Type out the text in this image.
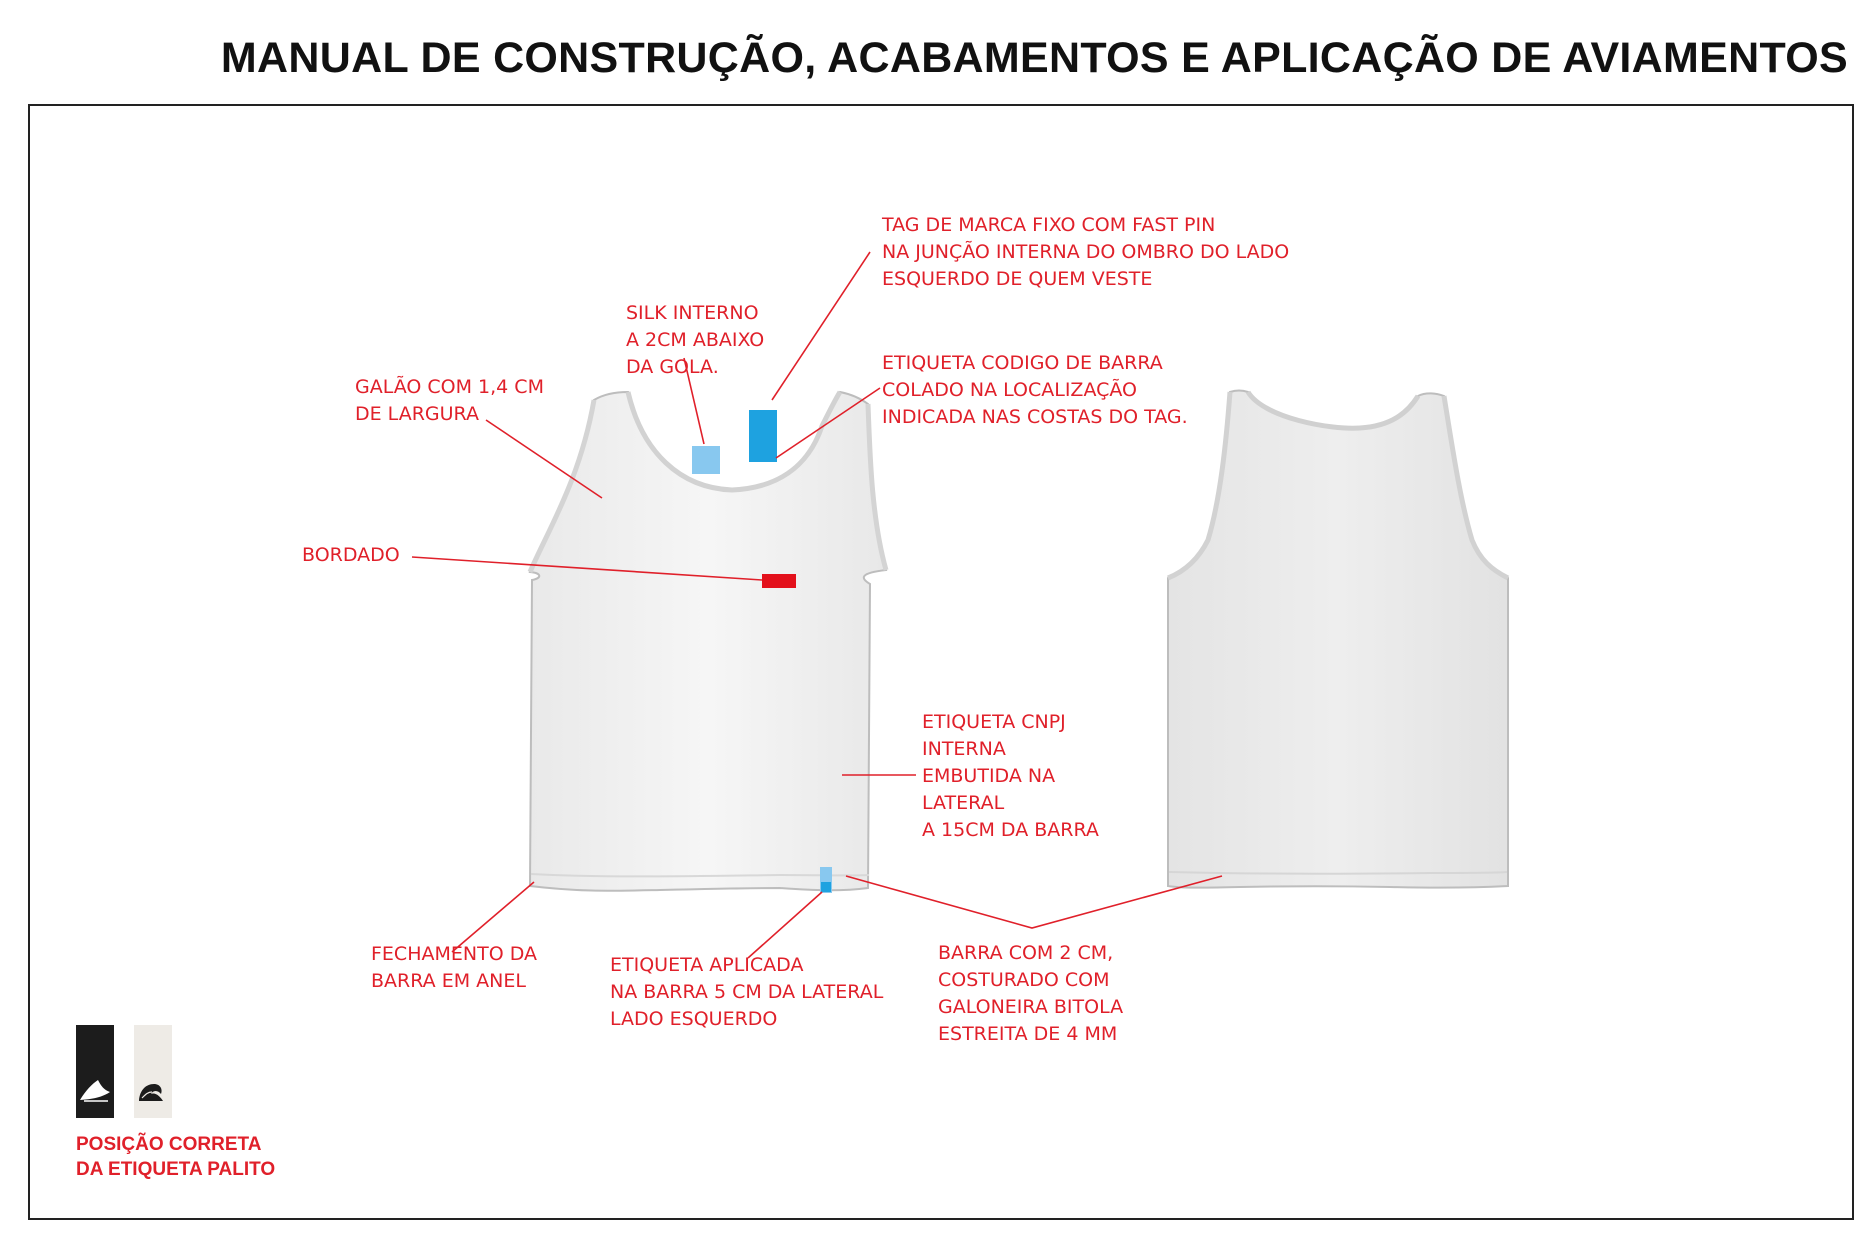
MANUAL DE CONSTRUÇÃO, ACABAMENTOS E APLICAÇÃO DE AVIAMENTOS

TAG DE MARCA FIXO COM FAST PIN
NA JUNÇÃO INTERNA DO OMBRO DO LADO
ESQUERDO DE QUEM VESTE

SILK INTERNO
A 2CM ABAIXO
DA GOLA.

GALÃO COM 1,4 CM
DE LARGURA

ETIQUETA CODIGO DE BARRA
COLADO NA LOCALIZAÇÃO
INDICADA NAS COSTAS DO TAG.

BORDADO

ETIQUETA CNPJ
INTERNA
EMBUTIDA NA
LATERAL
A 15CM DA BARRA

FECHAMENTO DA
BARRA EM ANEL

ETIQUETA APLICADA
NA BARRA 5 CM DA LATERAL
LADO ESQUERDO

BARRA COM 2 CM,
COSTURADO COM
GALONEIRA BITOLA
ESTREITA DE 4 MM

POSIÇÃO CORRETA
DA ETIQUETA PALITO
